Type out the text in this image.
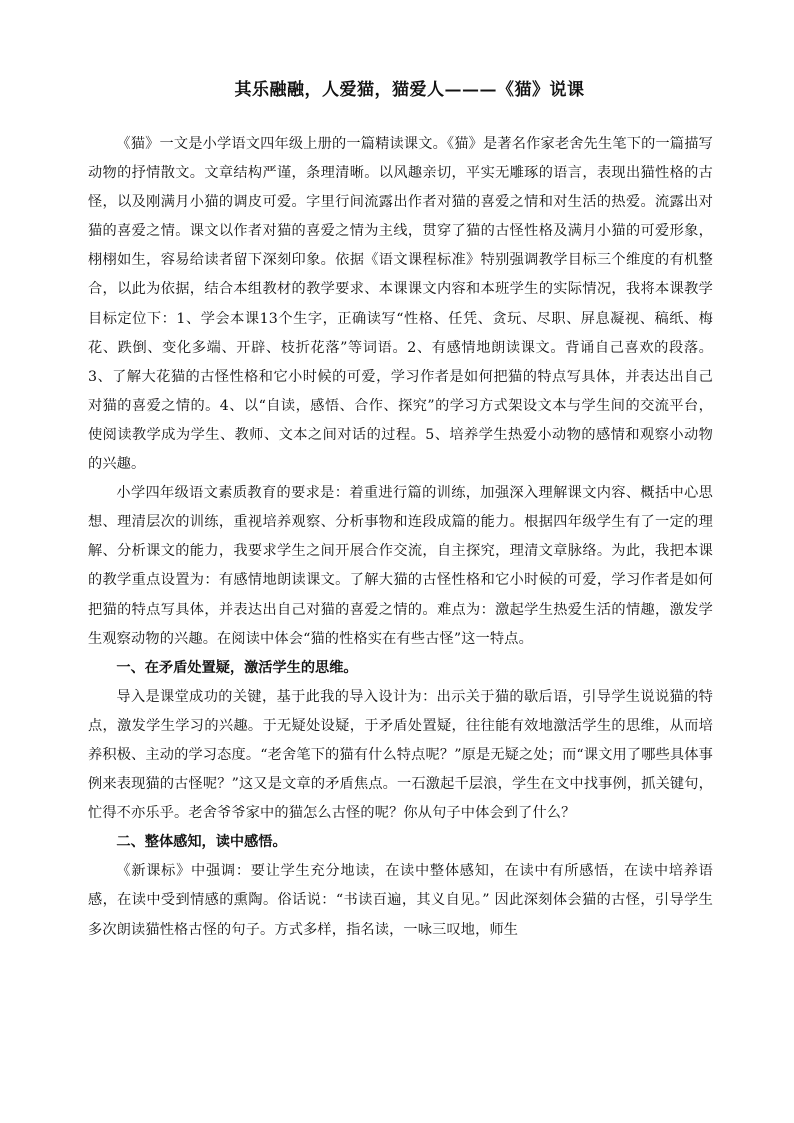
其乐融融，人爱猫，猫爱人———《猫》说课

《猫》一文是小学语文四年级上册的一篇精读课文。《猫》是著名作家老舍先生笔下的一篇描写动物的抒情散文。文章结构严谨，条理清晰。以风趣亲切，平实无雕琢的语言，表现出猫性格的古怪，以及刚满月小猫的调皮可爱。字里行间流露出作者对猫的喜爱之情和对生活的热爱。流露出对猫的喜爱之情。课文以作者对猫的喜爱之情为主线，贯穿了猫的古怪性格及满月小猫的可爱形象，栩栩如生，容易给读者留下深刻印象。依据《语文课程标准》特别强调教学目标三个维度的有机整合，以此为依据，结合本组教材的教学要求、本课课文内容和本班学生的实际情况，我将本课教学目标定位下：1、学会本课13个生字，正确读写“性格、任凭、贪玩、尽职、屏息凝视、稿纸、梅花、跌倒、变化多端、开辟、枝折花落”等词语。2、有感情地朗读课文。背诵自己喜欢的段落。3、了解大花猫的古怪性格和它小时候的可爱，学习作者是如何把猫的特点写具体，并表达出自己对猫的喜爱之情的。4、以“自读，感悟、合作、探究”的学习方式架设文本与学生间的交流平台，使阅读教学成为学生、教师、文本之间对话的过程。5、培养学生热爱小动物的感情和观察小动物的兴趣。

小学四年级语文素质教育的要求是：着重进行篇的训练，加强深入理解课文内容、概括中心思想、理清层次的训练，重视培养观察、分析事物和连段成篇的能力。根据四年级学生有了一定的理解、分析课文的能力，我要求学生之间开展合作交流，自主探究，理清文章脉络。为此，我把本课的教学重点设置为：有感情地朗读课文。了解大猫的古怪性格和它小时候的可爱，学习作者是如何把猫的特点写具体，并表达出自己对猫的喜爱之情的。难点为：激起学生热爱生活的情趣，激发学生观察动物的兴趣。在阅读中体会“猫的性格实在有些古怪”这一特点。

一、在矛盾处置疑，激活学生的思维。

导入是课堂成功的关键，基于此我的导入设计为：出示关于猫的歇后语，引导学生说说猫的特点，激发学生学习的兴趣。于无疑处设疑，于矛盾处置疑，往往能有效地激活学生的思维，从而培养积极、主动的学习态度。“老舍笔下的猫有什么特点呢？”原是无疑之处；而“课文用了哪些具体事例来表现猫的古怪呢？”这又是文章的矛盾焦点。一石激起千层浪，学生在文中找事例，抓关键句，忙得不亦乐乎。老舍爷爷家中的猫怎么古怪的呢？你从句子中体会到了什么？

二、整体感知，读中感悟。

《新课标》中强调：要让学生充分地读，在读中整体感知，在读中有所感悟，在读中培养语感，在读中受到情感的熏陶。俗话说：“书读百遍，其义自见。” 因此深刻体会猫的古怪，引导学生多次朗读猫性格古怪的句子。方式多样，指名读，一咏三叹地，师生
